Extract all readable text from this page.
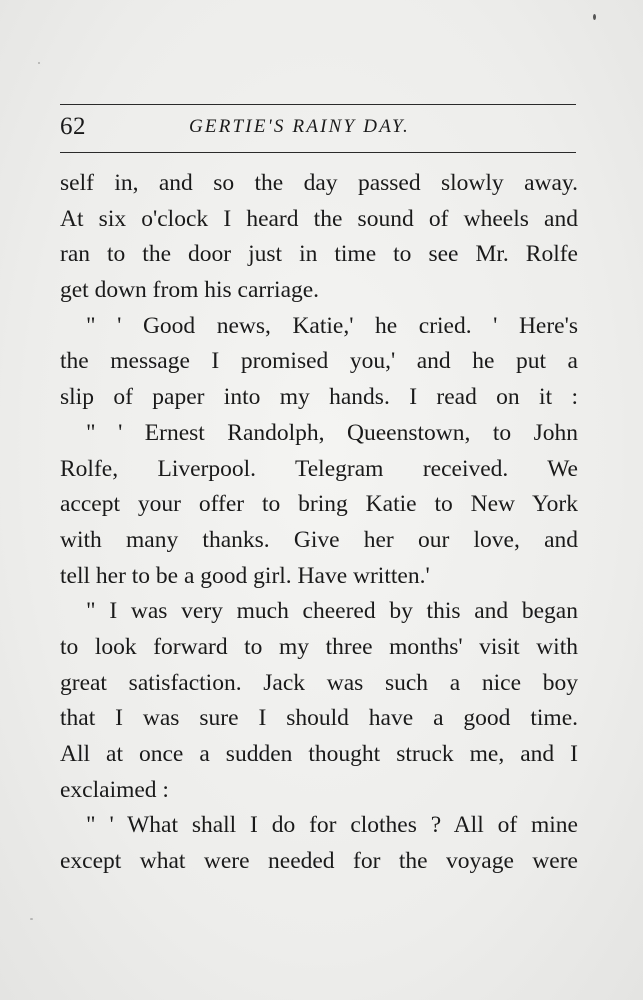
62	GERTIE'S RAINY DAY.
self in, and so the day passed slowly away.
At six o'clock I heard the sound of wheels and
ran to the door just in time to see Mr. Rolfe
get down from his carriage.
" ' Good news, Katie,' he cried. ' Here's
the message I promised you,' and he put a
slip of paper into my hands. I read on it :
" ' Ernest Randolph, Queenstown, to John
Rolfe, Liverpool. Telegram received. We
accept your offer to bring Katie to New York
with many thanks. Give her our love, and
tell her to be a good girl. Have written.'
" I was very much cheered by this and began
to look forward to my three months' visit with
great satisfaction. Jack was such a nice boy
that I was sure I should have a good time.
All at once a sudden thought struck me, and I
exclaimed :
" ' What shall I do for clothes ? All of mine
except what were needed for the voyage were
